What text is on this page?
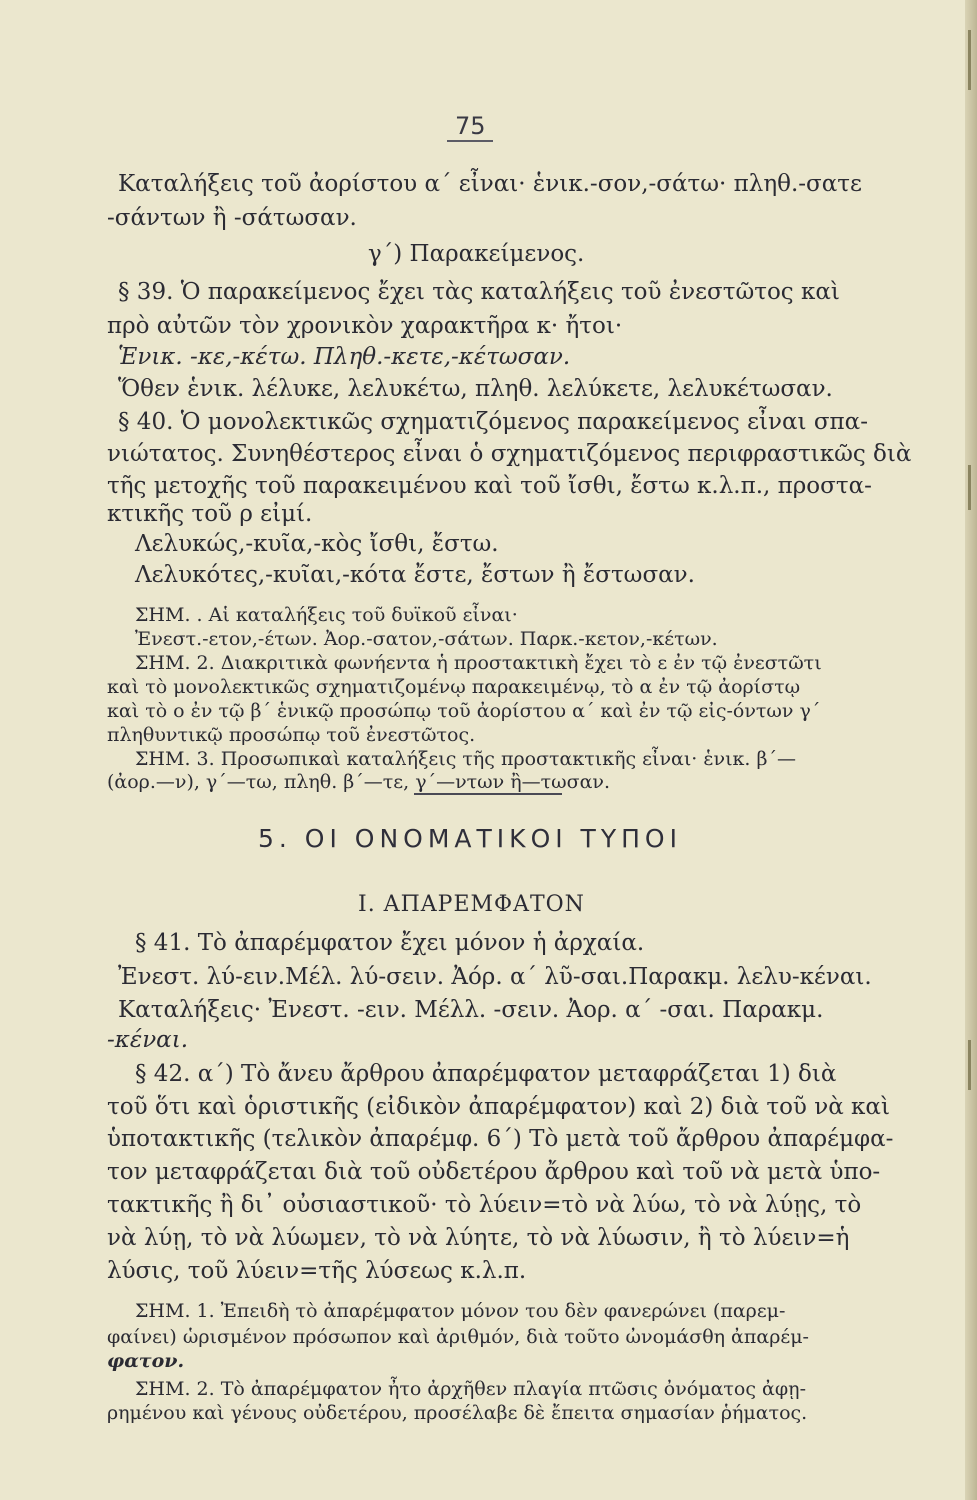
75
Καταλήξεις τοῦ ἀορίστου α΄ εἶναι· ἑνικ.-σον,-σάτω· πληθ.-σατε
-σάντων ἢ -σάτωσαν.
γ΄) Παρακείμενος.
§ 39. Ὁ παρακείμενος ἔχει τὰς καταλήξεις τοῦ ἐνεστῶτος καὶ
πρὸ αὐτῶν τὸν χρονικὸν χαρακτῆρα κ· ἤτοι·
Ἑνικ. -κε,-κέτω. Πληθ.-κετε,-κέτωσαν.
Ὅθεν ἑνικ. λέλυκε, λελυκέτω, πληθ. λελύκετε, λελυκέτωσαν.
§ 40. Ὁ μονολεκτικῶς σχηματιζόμενος παρακείμενος εἶναι σπα-
νιώτατος. Συνηθέστερος εἶναι ὁ σχηματιζόμενος περιφραστικῶς διὰ
τῆς μετοχῆς τοῦ παρακειμένου καὶ τοῦ ἴσθι, ἔστω κ.λ.π., προστα-
κτικῆς τοῦ ρ εἰμί.
Λελυκώς,-κυῖα,-κὸς ἴσθι, ἔστω.
Λελυκότες,-κυῖαι,-κότα ἔστε, ἔστων ἢ ἔστωσαν.
ΣΗΜ. . Αἱ καταλήξεις τοῦ δυϊκοῦ εἶναι·
Ἐνεστ.-ετον,-έτων. Ἀορ.-σατον,-σάτων. Παρκ.-κετον,-κέτων.
ΣΗΜ. 2. Διακριτικὰ φωνήεντα ἡ προστακτικὴ ἔχει τὸ ε ἐν τῷ ἐνεστῶτι
καὶ τὸ μονολεκτικῶς σχηματιζομένῳ παρακειμένῳ, τὸ α ἐν τῷ ἀορίστῳ
καὶ τὸ ο ἐν τῷ β΄ ἑνικῷ προσώπῳ τοῦ ἀορίστου α΄ καὶ ἐν τῷ εἰς-όντων γ΄
πληθυντικῷ προσώπῳ τοῦ ἐνεστῶτος.
ΣΗΜ. 3. Προσωπικαὶ καταλήξεις τῆς προστακτικῆς εἶναι· ἑνικ. β΄—
(ἀορ.—ν), γ΄—τω, πληθ. β΄—τε, γ΄—ντων ἢ—τωσαν.
5. ΟΙ ΟΝΟΜΑΤΙΚΟΙ ΤΥΠΟΙ
Ι. ΑΠΑΡΕΜΦΑΤΟΝ
§ 41. Τὸ ἀπαρέμφατον ἔχει μόνον ἡ ἀρχαία.
Ἐνεστ. λύ-ειν.Μέλ. λύ-σειν. Ἀόρ. α΄ λῦ-σαι.Παρακμ. λελυ-κέναι.
Καταλήξεις· Ἐνεστ. -ειν. Μέλλ. -σειν. Ἀορ. α΄ -σαι. Παρακμ.
-κέναι.
§ 42. α΄) Τὸ ἄνευ ἄρθρου ἀπαρέμφατον μεταφράζεται 1) διὰ
τοῦ ὅτι καὶ ὁριστικῆς (εἰδικὸν ἀπαρέμφατον) καὶ 2) διὰ τοῦ νὰ καὶ
ὑποτακτικῆς (τελικὸν ἀπαρέμφ. 6΄) Τὸ μετὰ τοῦ ἄρθρου ἀπαρέμφα-
τον μεταφράζεται διὰ τοῦ οὐδετέρου ἄρθρου καὶ τοῦ νὰ μετὰ ὑπο-
τακτικῆς ἢ δι᾿ οὐσιαστικοῦ· τὸ λύειν=τὸ νὰ λύω, τὸ νὰ λύῃς, τὸ
νὰ λύῃ, τὸ νὰ λύωμεν, τὸ νὰ λύητε, τὸ νὰ λύωσιν, ἢ τὸ λύειν=ἡ
λύσις, τοῦ λύειν=τῆς λύσεως κ.λ.π.
ΣΗΜ. 1. Ἐπειδὴ τὸ ἀπαρέμφατον μόνον του δὲν φανερώνει (παρεμ-
φαίνει) ὡρισμένον πρόσωπον καὶ ἀριθμόν, διὰ τοῦτο ὠνομάσθη ἀπαρέμ-
φατον.
ΣΗΜ. 2. Τὸ ἀπαρέμφατον ἦτο ἀρχῆθεν πλαγία πτῶσις ὀνόματος ἀφῃ-
ρημένου καὶ γένους οὐδετέρου, προσέλαβε δὲ ἔπειτα σημασίαν ῥήματος.
